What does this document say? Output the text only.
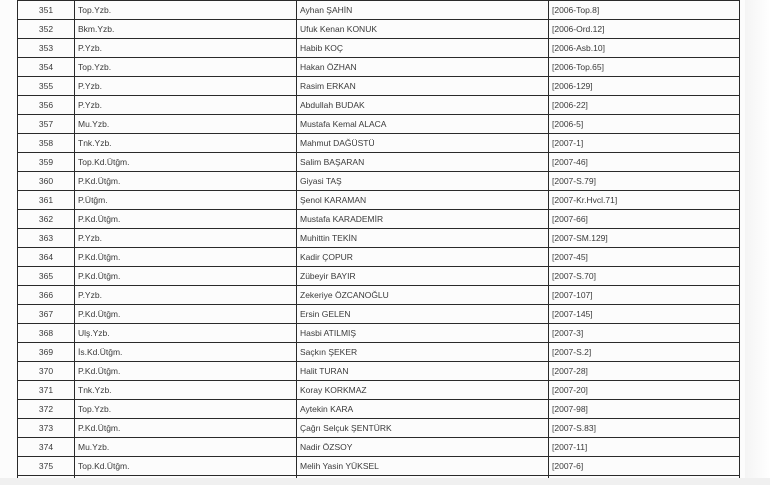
351	Top.Yzb.	Ayhan ŞAHİN	[2006-Top.8]
352	Bkm.Yzb.	Ufuk Kenan KONUK	[2006-Ord.12]
353	P.Yzb.	Habib KOÇ	[2006-Asb.10]
354	Top.Yzb.	Hakan ÖZHAN	[2006-Top.65]
355	P.Yzb.	Rasim ERKAN	[2006-129]
356	P.Yzb.	Abdullah BUDAK	[2006-22]
357	Mu.Yzb.	Mustafa Kemal ALACA	[2006-5]
358	Tnk.Yzb.	Mahmut DAĞÜSTÜ	[2007-1]
359	Top.Kd.Ütğm.	Salim BAŞARAN	[2007-46]
360	P.Kd.Ütğm.	Giyasi TAŞ	[2007-S.79]
361	P.Ütğm.	Şenol KARAMAN	[2007-Kr.Hvcl.71]
362	P.Kd.Ütğm.	Mustafa KARADEMİR	[2007-66]
363	P.Yzb.	Muhittin TEKİN	[2007-SM.129]
364	P.Kd.Ütğm.	Kadir ÇOPUR	[2007-45]
365	P.Kd.Ütğm.	Zübeyir BAYIR	[2007-S.70]
366	P.Yzb.	Zekeriye ÖZCANOĞLU	[2007-107]
367	P.Kd.Ütğm.	Ersin GELEN	[2007-145]
368	Ulş.Yzb.	Hasbi ATILMIŞ	[2007-3]
369	İs.Kd.Ütğm.	Saçkın ŞEKER	[2007-S.2]
370	P.Kd.Ütğm.	Halit TURAN	[2007-28]
371	Tnk.Yzb.	Koray KORKMAZ	[2007-20]
372	Top.Yzb.	Aytekin KARA	[2007-98]
373	P.Kd.Ütğm.	Çağrı Selçuk ŞENTÜRK	[2007-S.83]
374	Mu.Yzb.	Nadir ÖZSOY	[2007-11]
375	Top.Kd.Ütğm.	Melih Yasin YÜKSEL	[2007-6]
